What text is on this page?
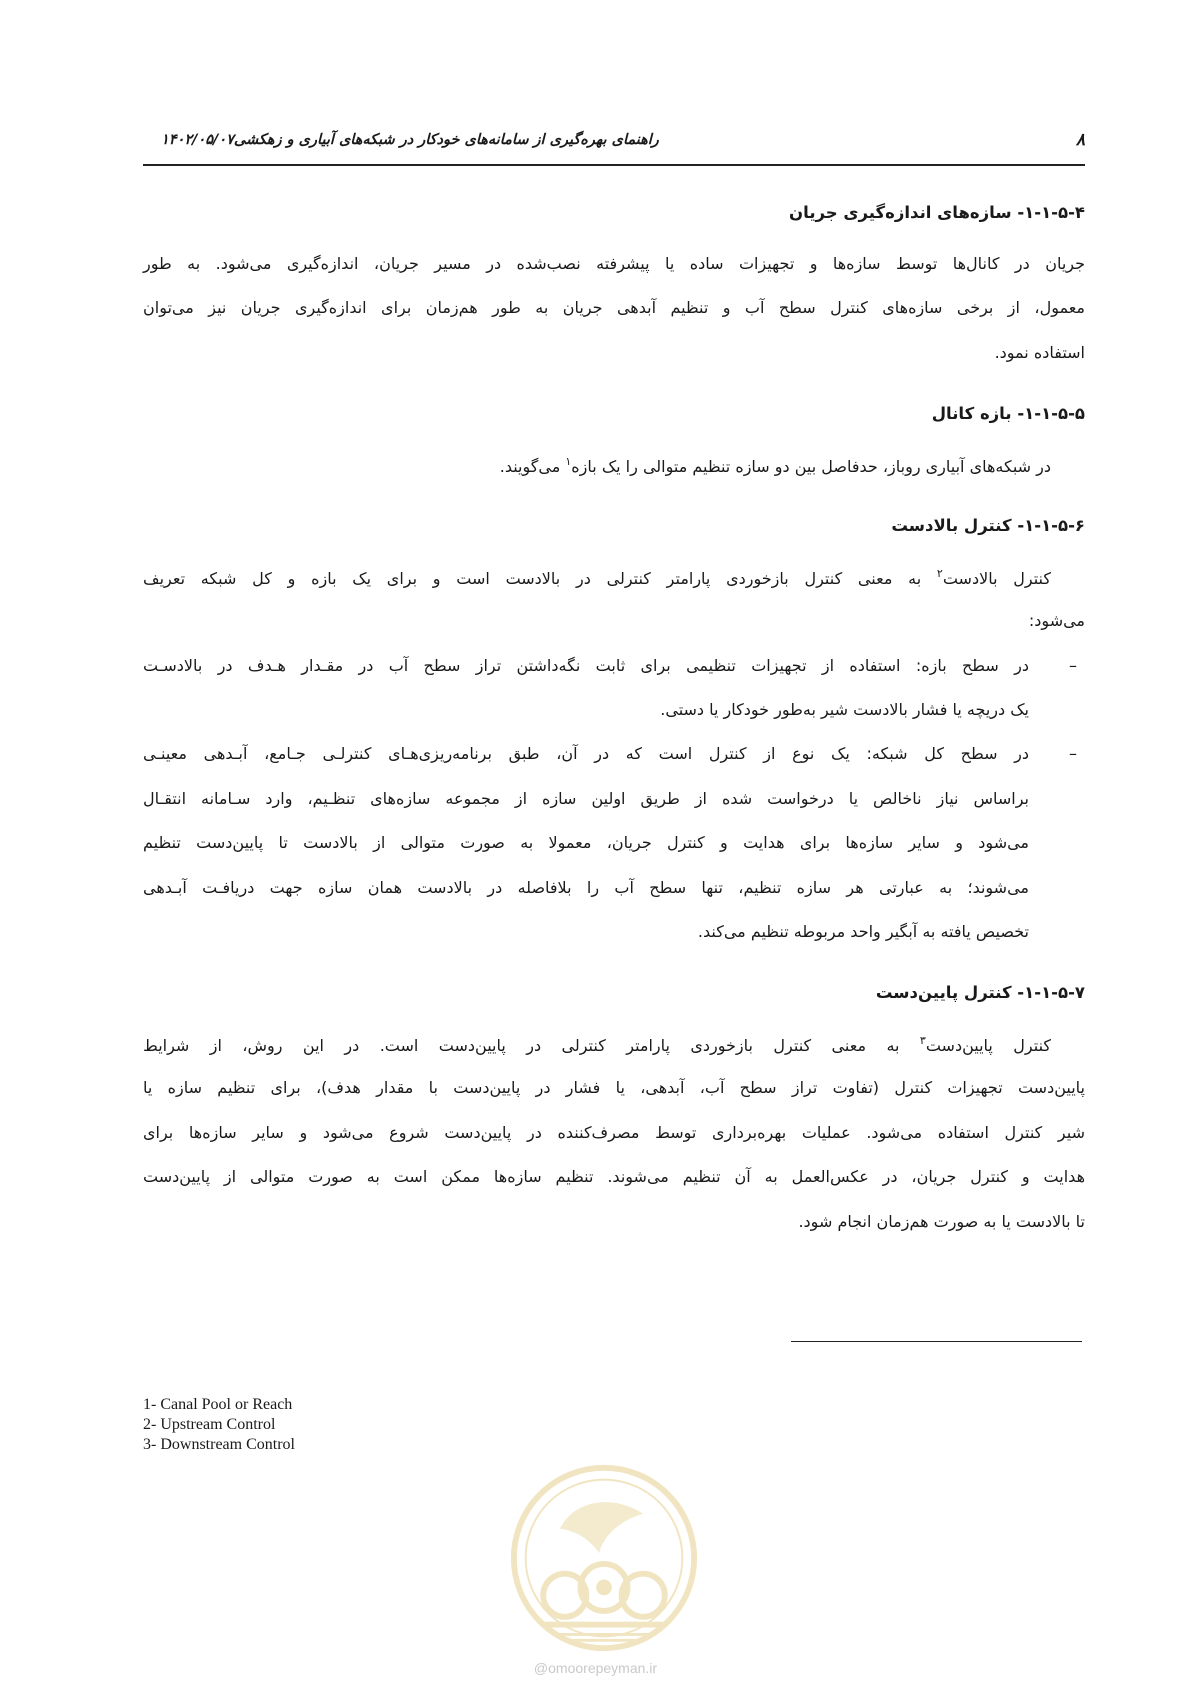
۸
راهنمای بهره‌گیری از سامانه‌های خودکار در شبکه‌های آبیاری و زهکشی۱۴۰۲/۰۵/۰۷
۱-۱-۵-۴- سازه‌های اندازه‌گیری جریان
جریان در کانال‌ها توسط سازه‌ها و تجهیزات ساده یا پیشرفته نصب‌شده در مسیر جریان، اندازه‌گیری می‌شود. به طور
معمول، از برخی سازه‌های کنترل سطح آب و تنظیم آبدهی جریان به طور هم‌زمان برای اندازه‌گیری جریان نیز می‌توان
استفاده نمود.
۱-۱-۵-۵- بازه کانال
در شبکه‌های آبیاری روباز، حدفاصل بین دو سازه تنظیم متوالی را یک بازه$^۱$ می‌گویند.
۱-۱-۵-۶- کنترل بالادست
کنترل بالادست$^۲$ به معنی کنترل بازخوردی پارامتر کنترلی در بالادست است و برای یک بازه و کل شبکه تعریف
می‌شود:
–
در سطح بازه: استفاده از تجهیزات تنظیمی برای ثابت نگه‌داشتن تراز سطح آب در مقـدار هـدف در بالادسـت
یک دریچه یا فشار بالادست شیر به‌طور خودکار یا دستی.
–
در سطح کل شبکه: یک نوع از کنترل است که در آن، طبق برنامه‌ریزی‌هـای کنترلـی جـامع، آبـدهی معینـی
براساس نیاز ناخالص یا درخواست شده از طریق اولین سازه از مجموعه سازه‌های تنظـیم، وارد سـامانه انتقـال
می‌شود و سایر سازه‌ها برای هدایت و کنترل جریان، معمولا به صورت متوالی از بالادست تا پایین‌دست تنظیم
می‌شوند؛ به عبارتی هر سازه تنظیم، تنها سطح آب را بلافاصله در بالادست همان سازه جهت دریافـت آبـدهی
تخصیص یافته به آبگیر واحد مربوطه تنظیم می‌کند.
۱-۱-۵-۷- کنترل پایین‌دست
کنترل پایین‌دست$^۳$ به معنی کنترل بازخوردی پارامتر کنترلی در پایین‌دست است. در این روش، از شرایط
پایین‌دست تجهیزات کنترل (تفاوت تراز سطح آب، آبدهی، یا فشار در پایین‌دست با مقدار هدف)، برای تنظیم سازه یا
شیر کنترل استفاده می‌شود. عملیات بهره‌برداری توسط مصرف‌کننده در پایین‌دست شروع می‌شود و سایر سازه‌ها برای
هدایت و کنترل جریان، در عکس‌العمل به آن تنظیم می‌شوند. تنظیم سازه‌ها ممکن است به صورت متوالی از پایین‌دست
تا بالادست یا به صورت هم‌زمان انجام شود.
1- Canal Pool or Reach
2- Upstream Control
3- Downstream Control
@omoorepeyman.ir
